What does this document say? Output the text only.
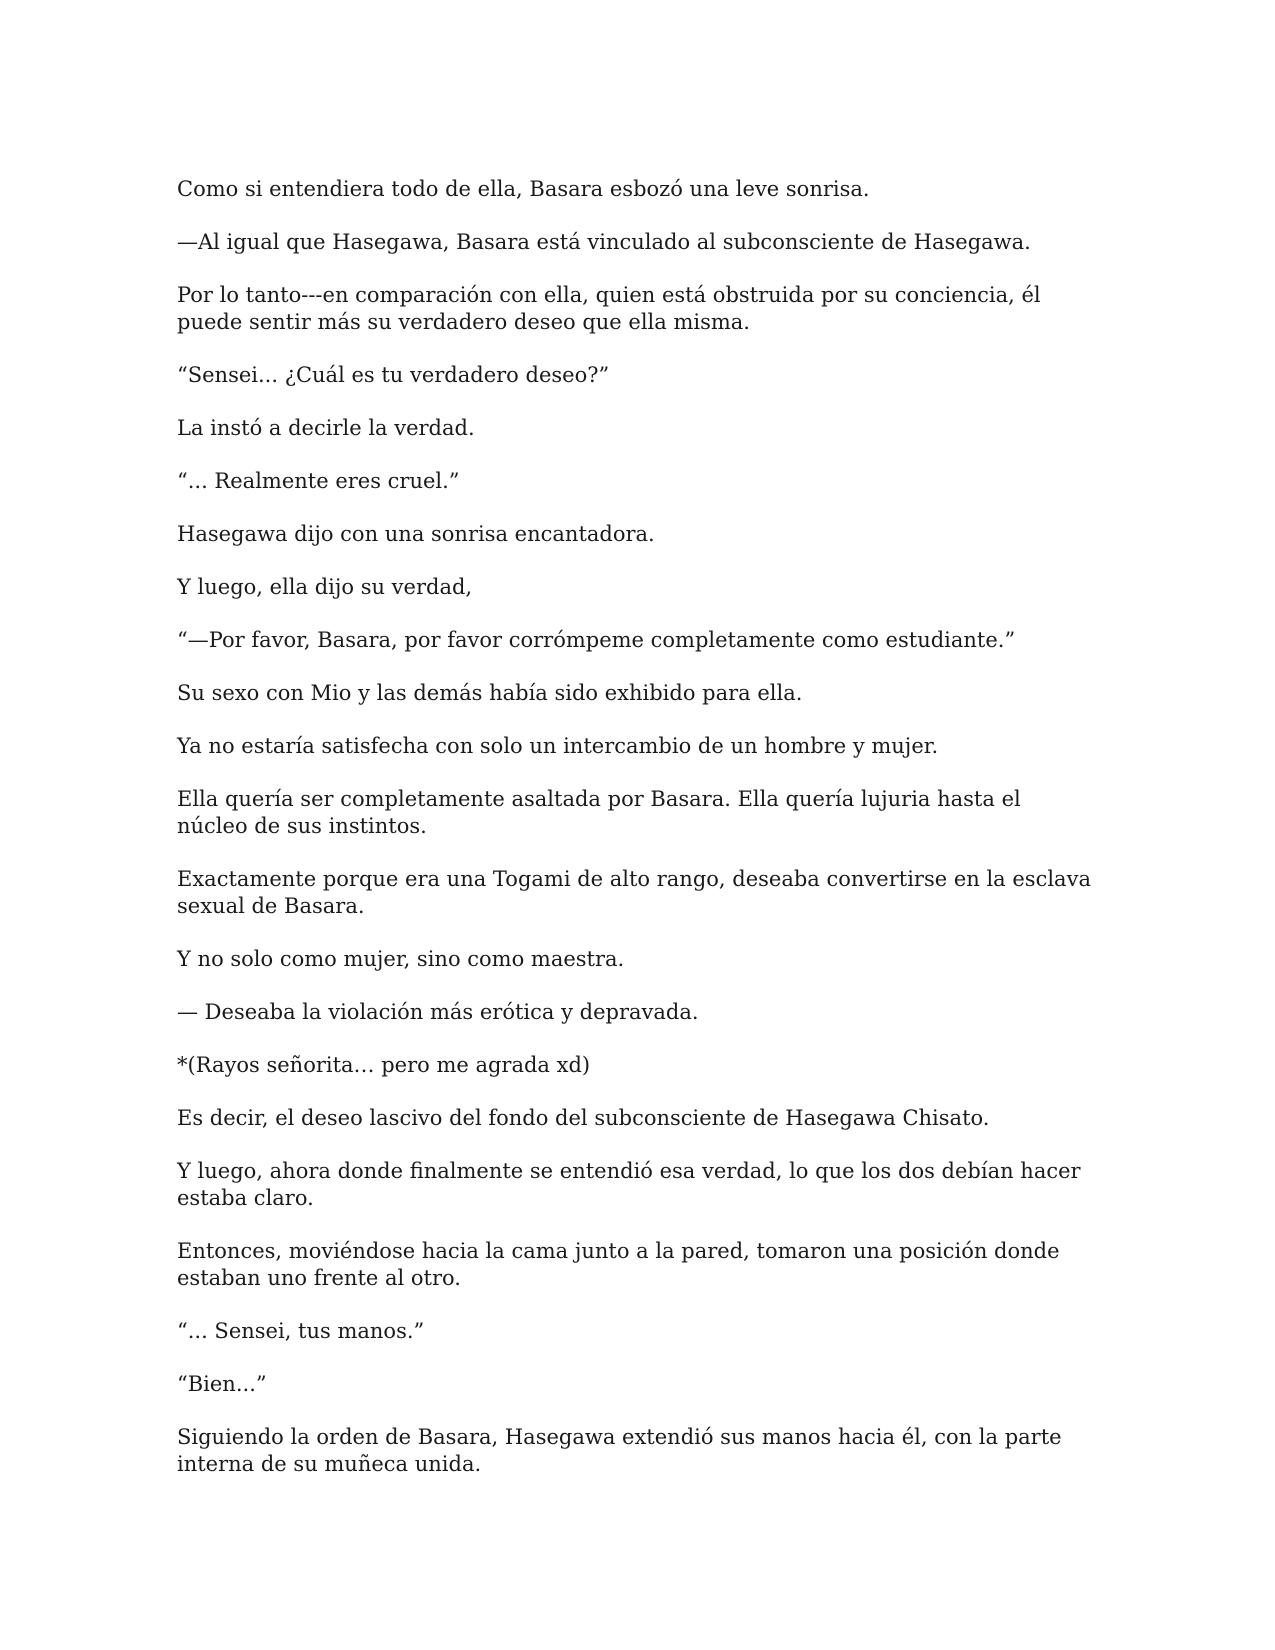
Como si entendiera todo de ella, Basara esbozó una leve sonrisa.

—Al igual que Hasegawa, Basara está vinculado al subconsciente de Hasegawa.

Por lo tanto---en comparación con ella, quien está obstruida por su conciencia, él puede sentir más su verdadero deseo que ella misma.

“Sensei... ¿Cuál es tu verdadero deseo?”

La instó a decirle la verdad.

“... Realmente eres cruel.”

Hasegawa dijo con una sonrisa encantadora.

Y luego, ella dijo su verdad,

“—Por favor, Basara, por favor corrómpeme completamente como estudiante.”

Su sexo con Mio y las demás había sido exhibido para ella.

Ya no estaría satisfecha con solo un intercambio de un hombre y mujer.

Ella quería ser completamente asaltada por Basara. Ella quería lujuria hasta el núcleo de sus instintos.

Exactamente porque era una Togami de alto rango, deseaba convertirse en la esclava sexual de Basara.

Y no solo como mujer, sino como maestra.

— Deseaba la violación más erótica y depravada.

*(Rayos señorita… pero me agrada xd)

Es decir, el deseo lascivo del fondo del subconsciente de Hasegawa Chisato.

Y luego, ahora donde finalmente se entendió esa verdad, lo que los dos debían hacer estaba claro.

Entonces, moviéndose hacia la cama junto a la pared, tomaron una posición donde estaban uno frente al otro.

“... Sensei, tus manos.”

“Bien...”

Siguiendo la orden de Basara, Hasegawa extendió sus manos hacia él, con la parte interna de su muñeca unida.
